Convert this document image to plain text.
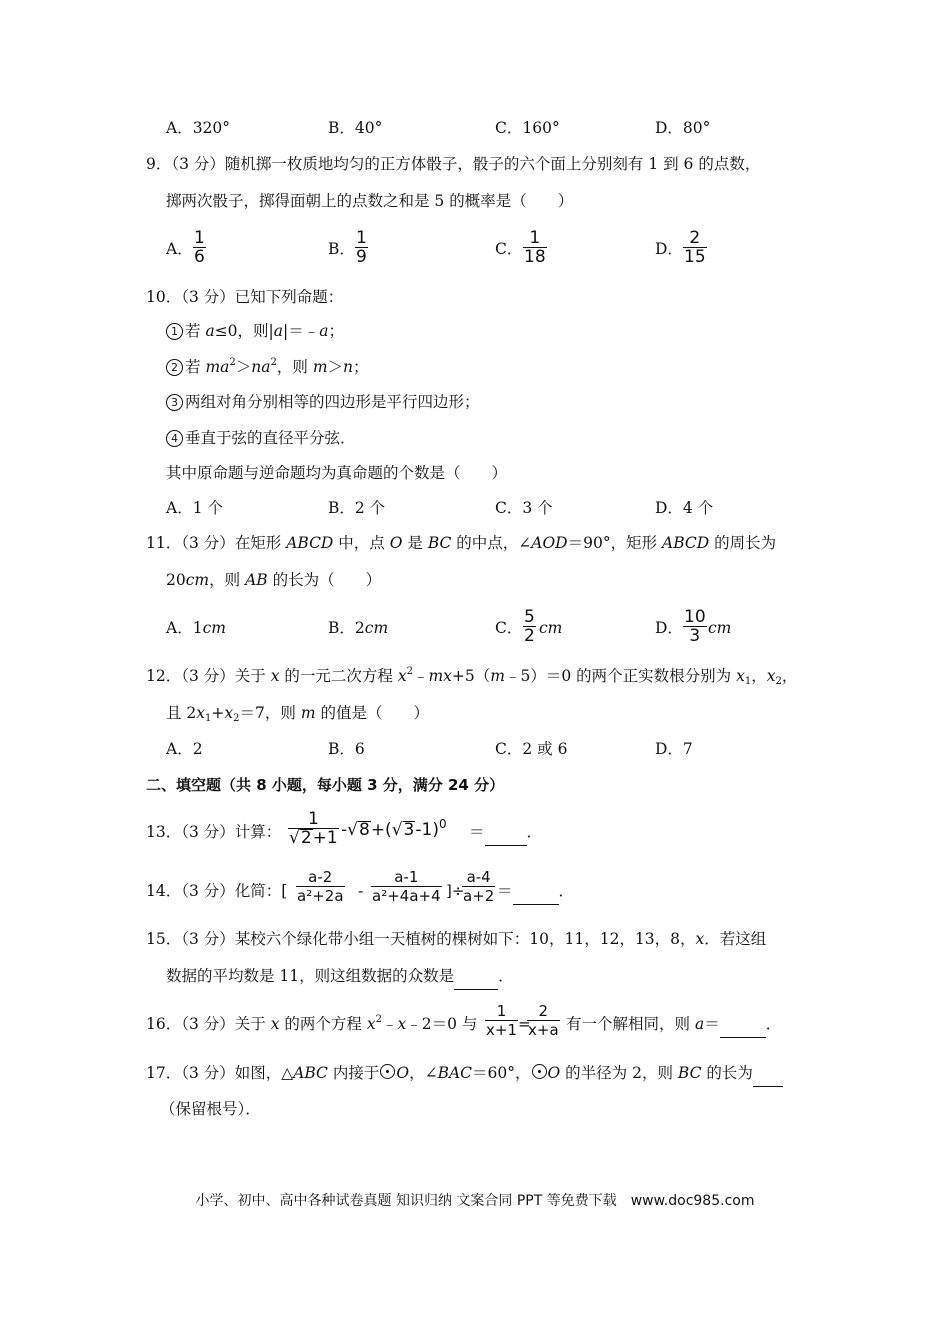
A．320°	B．40°	C．160°	D．80°
9．（3 分）随机掷一枚质地均匀的正方体骰子，骰子的六个面上分别刻有 1 到 6 的点数，
掷两次骰子，掷得面朝上的点数之和是 5 的概率是（　　）
A． $\frac{1}{6}$	B． $\frac{1}{9}$	C． $\frac{1}{18}$	D． $\frac{2}{15}$
10．（3 分）已知下列命题：
1 若 a≤0，则|a|＝﹣a；
2 若 $ma^2>na^2$，则 m＞n；
3 两组对角分别相等的四边形是平行四边形；
4 垂直于弦的直径平分弦．
其中原命题与逆命题均为真命题的个数是（　　）
A．1 个	B．2 个	C．3 个	D．4 个
11．（3 分）在矩形 ABCD 中，点 O 是 BC 的中点，∠AOD＝90°，矩形 ABCD 的周长为
20cm，则 AB 的长为（　　）
A．1cm	B．2cm	C． $\frac{5}{2}$ cm	D． $\frac{10}{3}$ cm
12．（3 分）关于 x 的一元二次方程 $x^2﹣mx+5(m﹣5)=0$ 的两个正实数根分别为 $x_1$，$x_2$，
且 $2x_1+x_2=7$，则 m 的值是（　　）
A．2	B．6	C．2 或 6	D．7
二、填空题（共 8 小题，每小题 3 分，满分 24 分）
13．（3 分）计算： $\frac{1}{√2+1} -√8+(√3-1)^0$ ＝	．
14．（3 分）化简：[ $\frac{a-2}{\text{a²+2a}} - \frac{a-1}{\text{a²+4a+4}}$ ]÷
$\frac{a-4}{a+2}$ ＝	．
15．（3 分）某校六个绿化带小组一天植树的棵树如下：10，11，12，13，8，x．若这组
数据的平均数是 11，则这组数据的众数是	．
16．（3 分）关于 x 的两个方程 $x^2﹣x﹣2=0$ 与 $\frac{1}{x+1}$ =
$\frac{2}{x+a}$ 有一个解相同，则 a＝	．
17．（3 分）如图，△ABC 内接于 O，∠BAC＝60°， O 的半径为 2，则 BC 的长为
（保留根号）．
小学、初中、高中各种试卷真题 知识归纳 文案合同 PPT 等免费下载　www.doc985.com
